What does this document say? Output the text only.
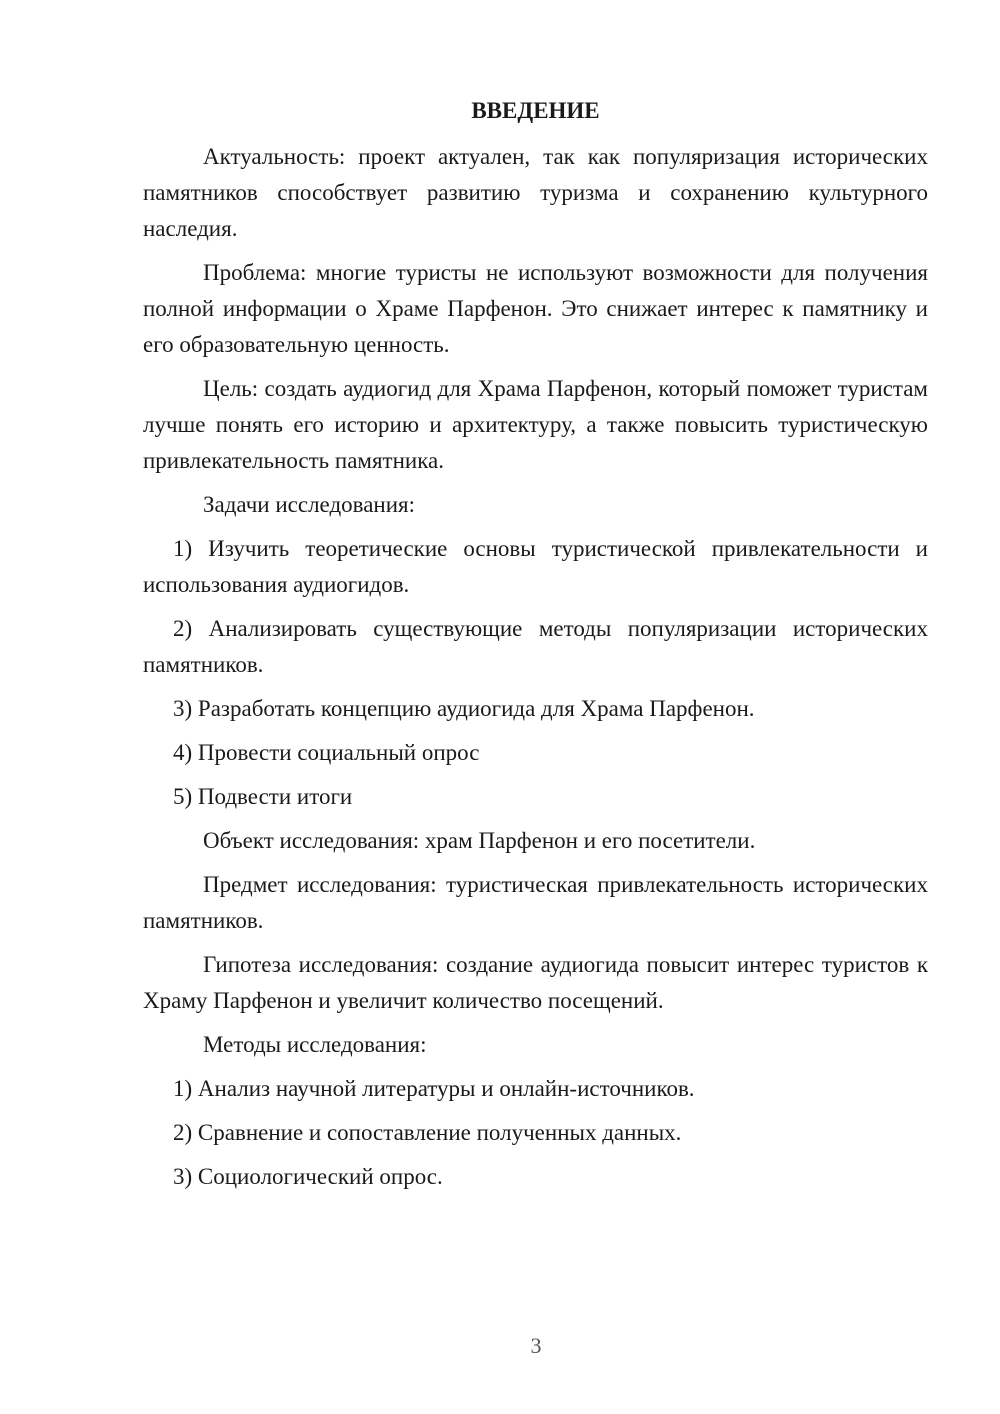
ВВЕДЕНИЕ

Актуальность: проект актуален, так как популяризация исторических памятников способствует развитию туризма и сохранению культурного наследия.

Проблема: многие туристы не используют возможности для получения полной информации о Храме Парфенон. Это снижает интерес к памятнику и его образовательную ценность.

Цель: создать аудиогид для Храма Парфенон, который поможет туристам лучше понять его историю и архитектуру, а также повысить туристическую привлекательность памятника.

Задачи исследования:

1) Изучить теоретические основы туристической привлекательности и использования аудиогидов.

2) Анализировать существующие методы популяризации исторических памятников.

3) Разработать концепцию аудиогида для Храма Парфенон.

4) Провести социальный опрос

5) Подвести итоги

Объект исследования: храм Парфенон и его посетители.

Предмет исследования: туристическая привлекательность исторических памятников.

Гипотеза исследования: создание аудиогида повысит интерес туристов к Храму Парфенон и увеличит количество посещений.

Методы исследования:

1) Анализ научной литературы и онлайн-источников.

2) Сравнение и сопоставление полученных данных.

3) Социологический опрос.

3
